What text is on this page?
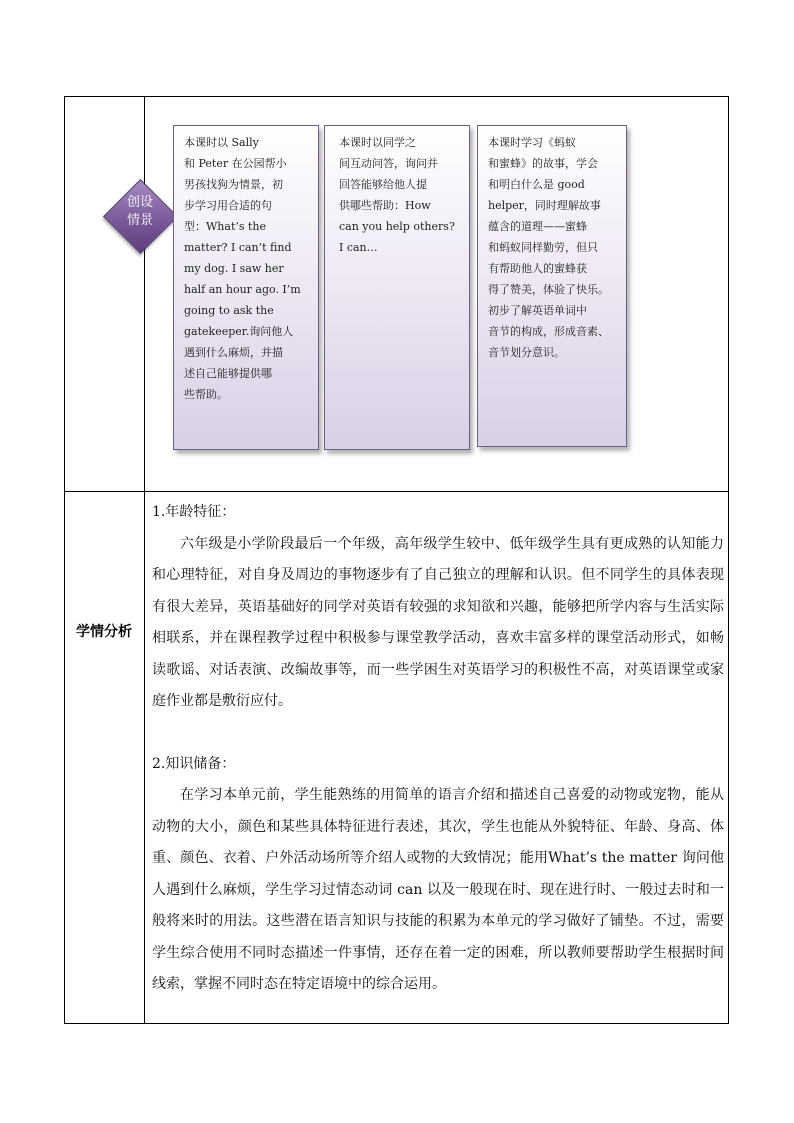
创设
情景
本课时以 Sally
和 Peter 在公园帮小
男孩找狗为情景，初
步学习用合适的句
型：What’s the
matter? I can’t find
my dog. I saw her
half an hour ago. I’m
going to ask the
gatekeeper.询问他人
遇到什么麻烦，并描
述自己能够提供哪
些帮助。
本课时以同学之
间互动问答，询问并
回答能够给他人提
供哪些帮助：How
can you help others?
I can…
本课时学习《蚂蚁
和蜜蜂》的故事，学会
和明白什么是 good
helper，同时理解故事
蕴含的道理——蜜蜂
和蚂蚁同样勤劳，但只
有帮助他人的蜜蜂获
得了赞美，体验了快乐。
初步了解英语单词中
音节的构成，形成音素、
音节划分意识。
学情分析

1.年龄特征：

六年级是小学阶段最后一个年级，高年级学生较中、低年级学生具有更成熟的认知能力和心理特征，对自身及周边的事物逐步有了自己独立的理解和认识。但不同学生的具体表现有很大差异，英语基础好的同学对英语有较强的求知欲和兴趣，能够把所学内容与生活实际相联系，并在课程教学过程中积极参与课堂教学活动，喜欢丰富多样的课堂活动形式，如畅读歌谣、对话表演、改编故事等，而一些学困生对英语学习的积极性不高，对英语课堂或家庭作业都是敷衍应付。

2.知识储备：

在学习本单元前，学生能熟练的用简单的语言介绍和描述自己喜爱的动物或宠物，能从动物的大小，颜色和某些具体特征进行表述，其次，学生也能从外貌特征、年龄、身高、体重、颜色、衣着、户外活动场所等介绍人或物的大致情况；能用What’s the matter 询问他人遇到什么麻烦，学生学习过情态动词 can 以及一般现在时、现在进行时、一般过去时和一般将来时的用法。这些潜在语言知识与技能的积累为本单元的学习做好了铺垫。不过，需要学生综合使用不同时态描述一件事情，还存在着一定的困难，所以教师要帮助学生根据时间线索，掌握不同时态在特定语境中的综合运用。
